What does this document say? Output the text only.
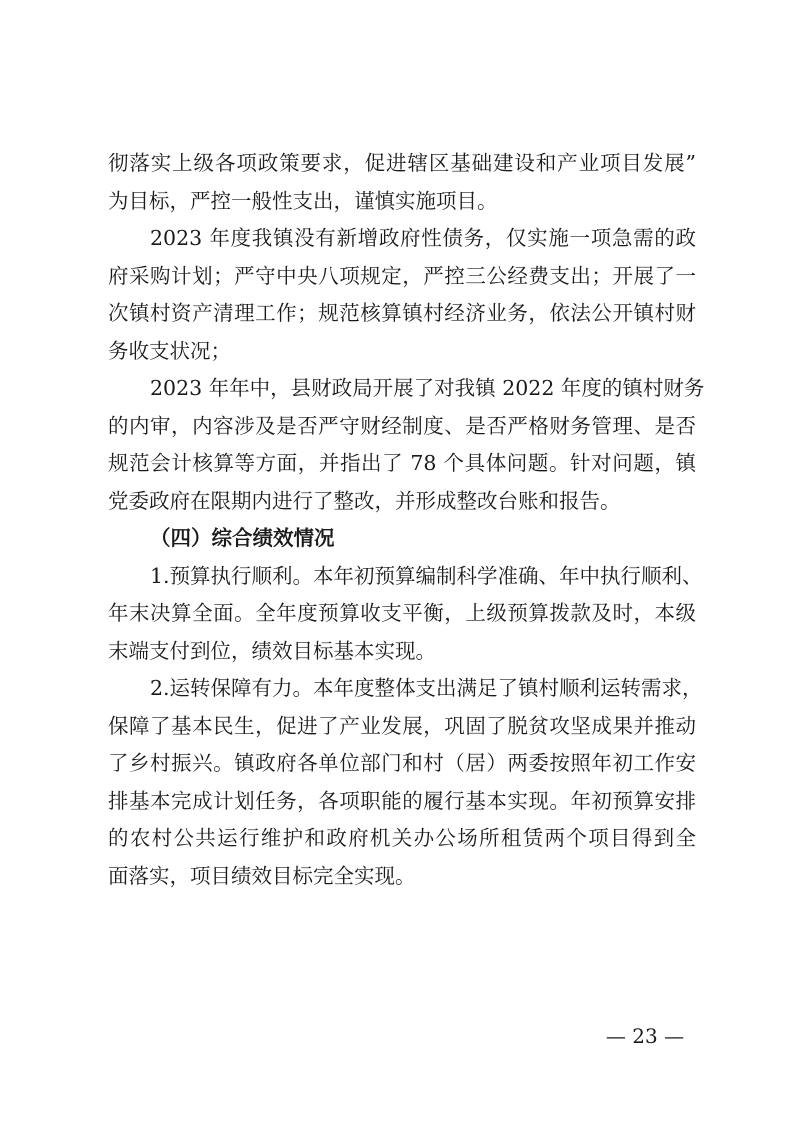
彻落实上级各项政策要求，促进辖区基础建设和产业项目发展”
为目标，严控一般性支出，谨慎实施项目。
2023 年度我镇没有新增政府性债务，仅实施一项急需的政
府采购计划；严守中央八项规定，严控三公经费支出；开展了一
次镇村资产清理工作；规范核算镇村经济业务，依法公开镇村财
务收支状况；
2023 年年中，县财政局开展了对我镇 2022 年度的镇村财务
的内审，内容涉及是否严守财经制度、是否严格财务管理、是否
规范会计核算等方面，并指出了 78 个具体问题。针对问题，镇
党委政府在限期内进行了整改，并形成整改台账和报告。
（四）综合绩效情况
1.预算执行顺利。本年初预算编制科学准确、年中执行顺利、
年末决算全面。全年度预算收支平衡，上级预算拨款及时，本级
末端支付到位，绩效目标基本实现。
2.运转保障有力。本年度整体支出满足了镇村顺利运转需求，
保障了基本民生，促进了产业发展，巩固了脱贫攻坚成果并推动
了乡村振兴。镇政府各单位部门和村（居）两委按照年初工作安
排基本完成计划任务，各项职能的履行基本实现。年初预算安排
的农村公共运行维护和政府机关办公场所租赁两个项目得到全
面落实，项目绩效目标完全实现。
— 23 —
